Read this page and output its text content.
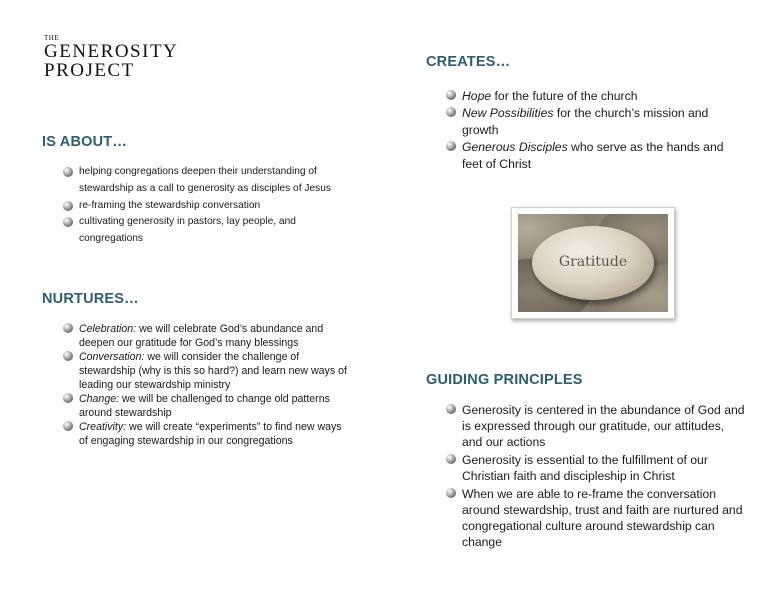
THE
GENEROSITY
PROJECT
IS ABOUT…
helping congregations deepen their understanding of stewardship as a call to generosity as disciples of Jesus
re-framing the stewardship conversation
cultivating generosity in pastors, lay people, and congregations
NURTURES…
Celebration: we will celebrate God’s abundance and deepen our gratitude for God’s many blessings
Conversation: we will consider the challenge of stewardship (why is this so hard?) and learn new ways of leading our stewardship ministry
Change: we will be challenged to change old patterns around stewardship
Creativity: we will create “experiments” to find new ways of engaging stewardship in our congregations
CREATES…
Hope for the future of the church
New Possibilities for the church’s mission and growth
Generous Disciples who serve as the hands and feet of Christ
Gratitude
GUIDING PRINCIPLES
Generosity is centered in the abundance of God and is expressed through our gratitude, our attitudes, and our actions
Generosity is essential to the fulfillment of our Christian faith and discipleship in Christ
When we are able to re-frame the conversation around stewardship, trust and faith are nurtured and congregational culture around stewardship can change
